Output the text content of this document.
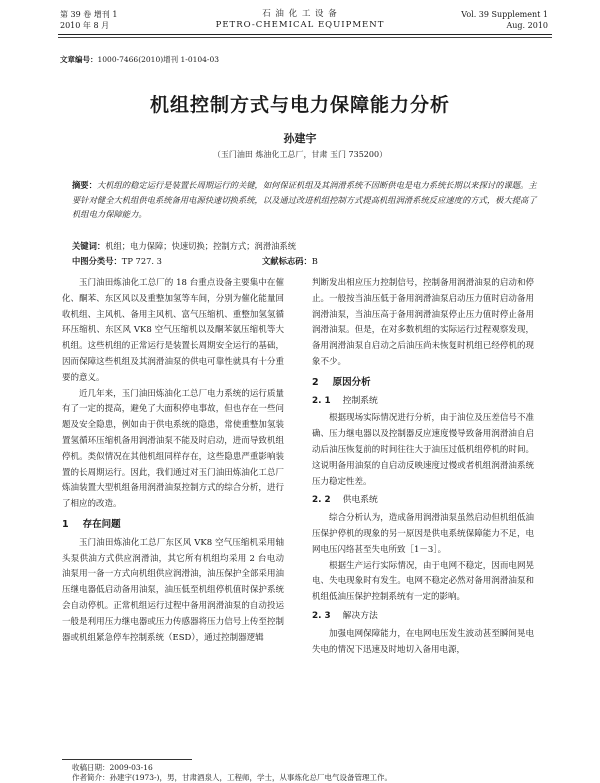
第 39 卷 增刊 1
2010 年 8 月
石 油 化 工 设 备
PETRO-CHEMICAL EQUIPMENT
Vol. 39 Supplement 1
Aug. 2010
文章编号：1000-7466(2010)增刊 1-0104-03
机组控制方式与电力保障能力分析
孙建宇
（玉门油田 炼油化工总厂，甘肃 玉门 735200）
摘要：大机组的稳定运行是装置长周期运行的关键，如何保证机组及其润滑系统不因断供电是电力系统长期以来探讨的课题。主要针对健全大机组供电系统备用电源快速切换系统，以及通过改进机组控制方式提高机组润滑系统反应速度的方式，极大提高了机组电力保障能力。
关键词：机组；电力保障；快速切换；控制方式；润滑油系统
中图分类号：TP 727. 3	文献标志码：B

玉门油田炼油化工总厂的 18 台重点设备主要集中在催化、酮苯、东区风以及重整加氢等车间，分别为催化能量回收机组、主风机、备用主风机、富气压缩机、重整加氢氢循环压缩机、东区风 VK8 空气压缩机以及酮苯氨压缩机等大机组。这些机组的正常运行是装置长周期安全运行的基础，因而保障这些机组及其润滑油泵的供电可靠性就具有十分重要的意义。

近几年来，玉门油田炼油化工总厂电力系统的运行质量有了一定的提高，避免了大面积停电事故，但也存在一些问题及安全隐患，例如由于供电系统的隐患，常使重整加氢装置氢循环压缩机备用润滑油泵不能及时启动，进而导致机组停机。类似情况在其他机组同样存在，这些隐患严重影响装置的长周期运行。因此，我们通过对玉门油田炼油化工总厂炼油装置大型机组备用润滑油泵控制方式的综合分析，进行了相应的改造。

1 存在问题

玉门油田炼油化工总厂东区风 VK8 空气压缩机采用轴头泵供油方式供应润滑油，其它所有机组均采用 2 台电动油泵用一备一方式向机组供应润滑油，油压保护全部采用油压继电器低启动备用油泵，油压低至机组停机值时保护系统会自动停机。正常机组运行过程中备用润滑油泵的自动投运一般是利用压力继电器或压力传感器将压力信号上传至控制器或机组紧急停车控制系统（ESD），通过控制器逻辑

判断发出相应压力控制信号，控制备用润滑油泵的启动和停止。一般按当油压低于备用润滑油泵启动压力值时启动备用润滑油泵，当油压高于备用润滑油泵停止压力值时停止备用润滑油泵。但是，在对多数机组的实际运行过程观察发现，备用润滑油泵自启动之后油压尚未恢复时机组已经停机的现象不少。

2 原因分析
2. 1 控制系统

根据现场实际情况进行分析，由于油位及压差信号不准确、压力继电器以及控制器反应速度慢导致备用润滑油自启动后油压恢复前的时间往往大于油压过低机组停机的时间。这说明备用油泵的自启动反映速度过慢或者机组润滑油系统压力稳定性差。

2. 2 供电系统

综合分析认为，造成备用润滑油泵虽然启动但机组低油压保护停机的现象的另一原因是供电系统保障能力不足，电网电压闪络甚至失电所致［1－3］。

根据生产运行实际情况，由于电网不稳定，因而电网晃电、失电现象时有发生。电网不稳定必然对备用润滑油泵和机组低油压保护控制系统有一定的影响。

2. 3 解决方法

加强电网保障能力，在电网电压发生波动甚至瞬间晃电失电的情况下迅速及时地切入备用电源，

收稿日期：2009-03-16
作者简介：孙建宇(1973-)，男，甘肃酒泉人，工程师，学士，从事炼化总厂电气设备管理工作。
